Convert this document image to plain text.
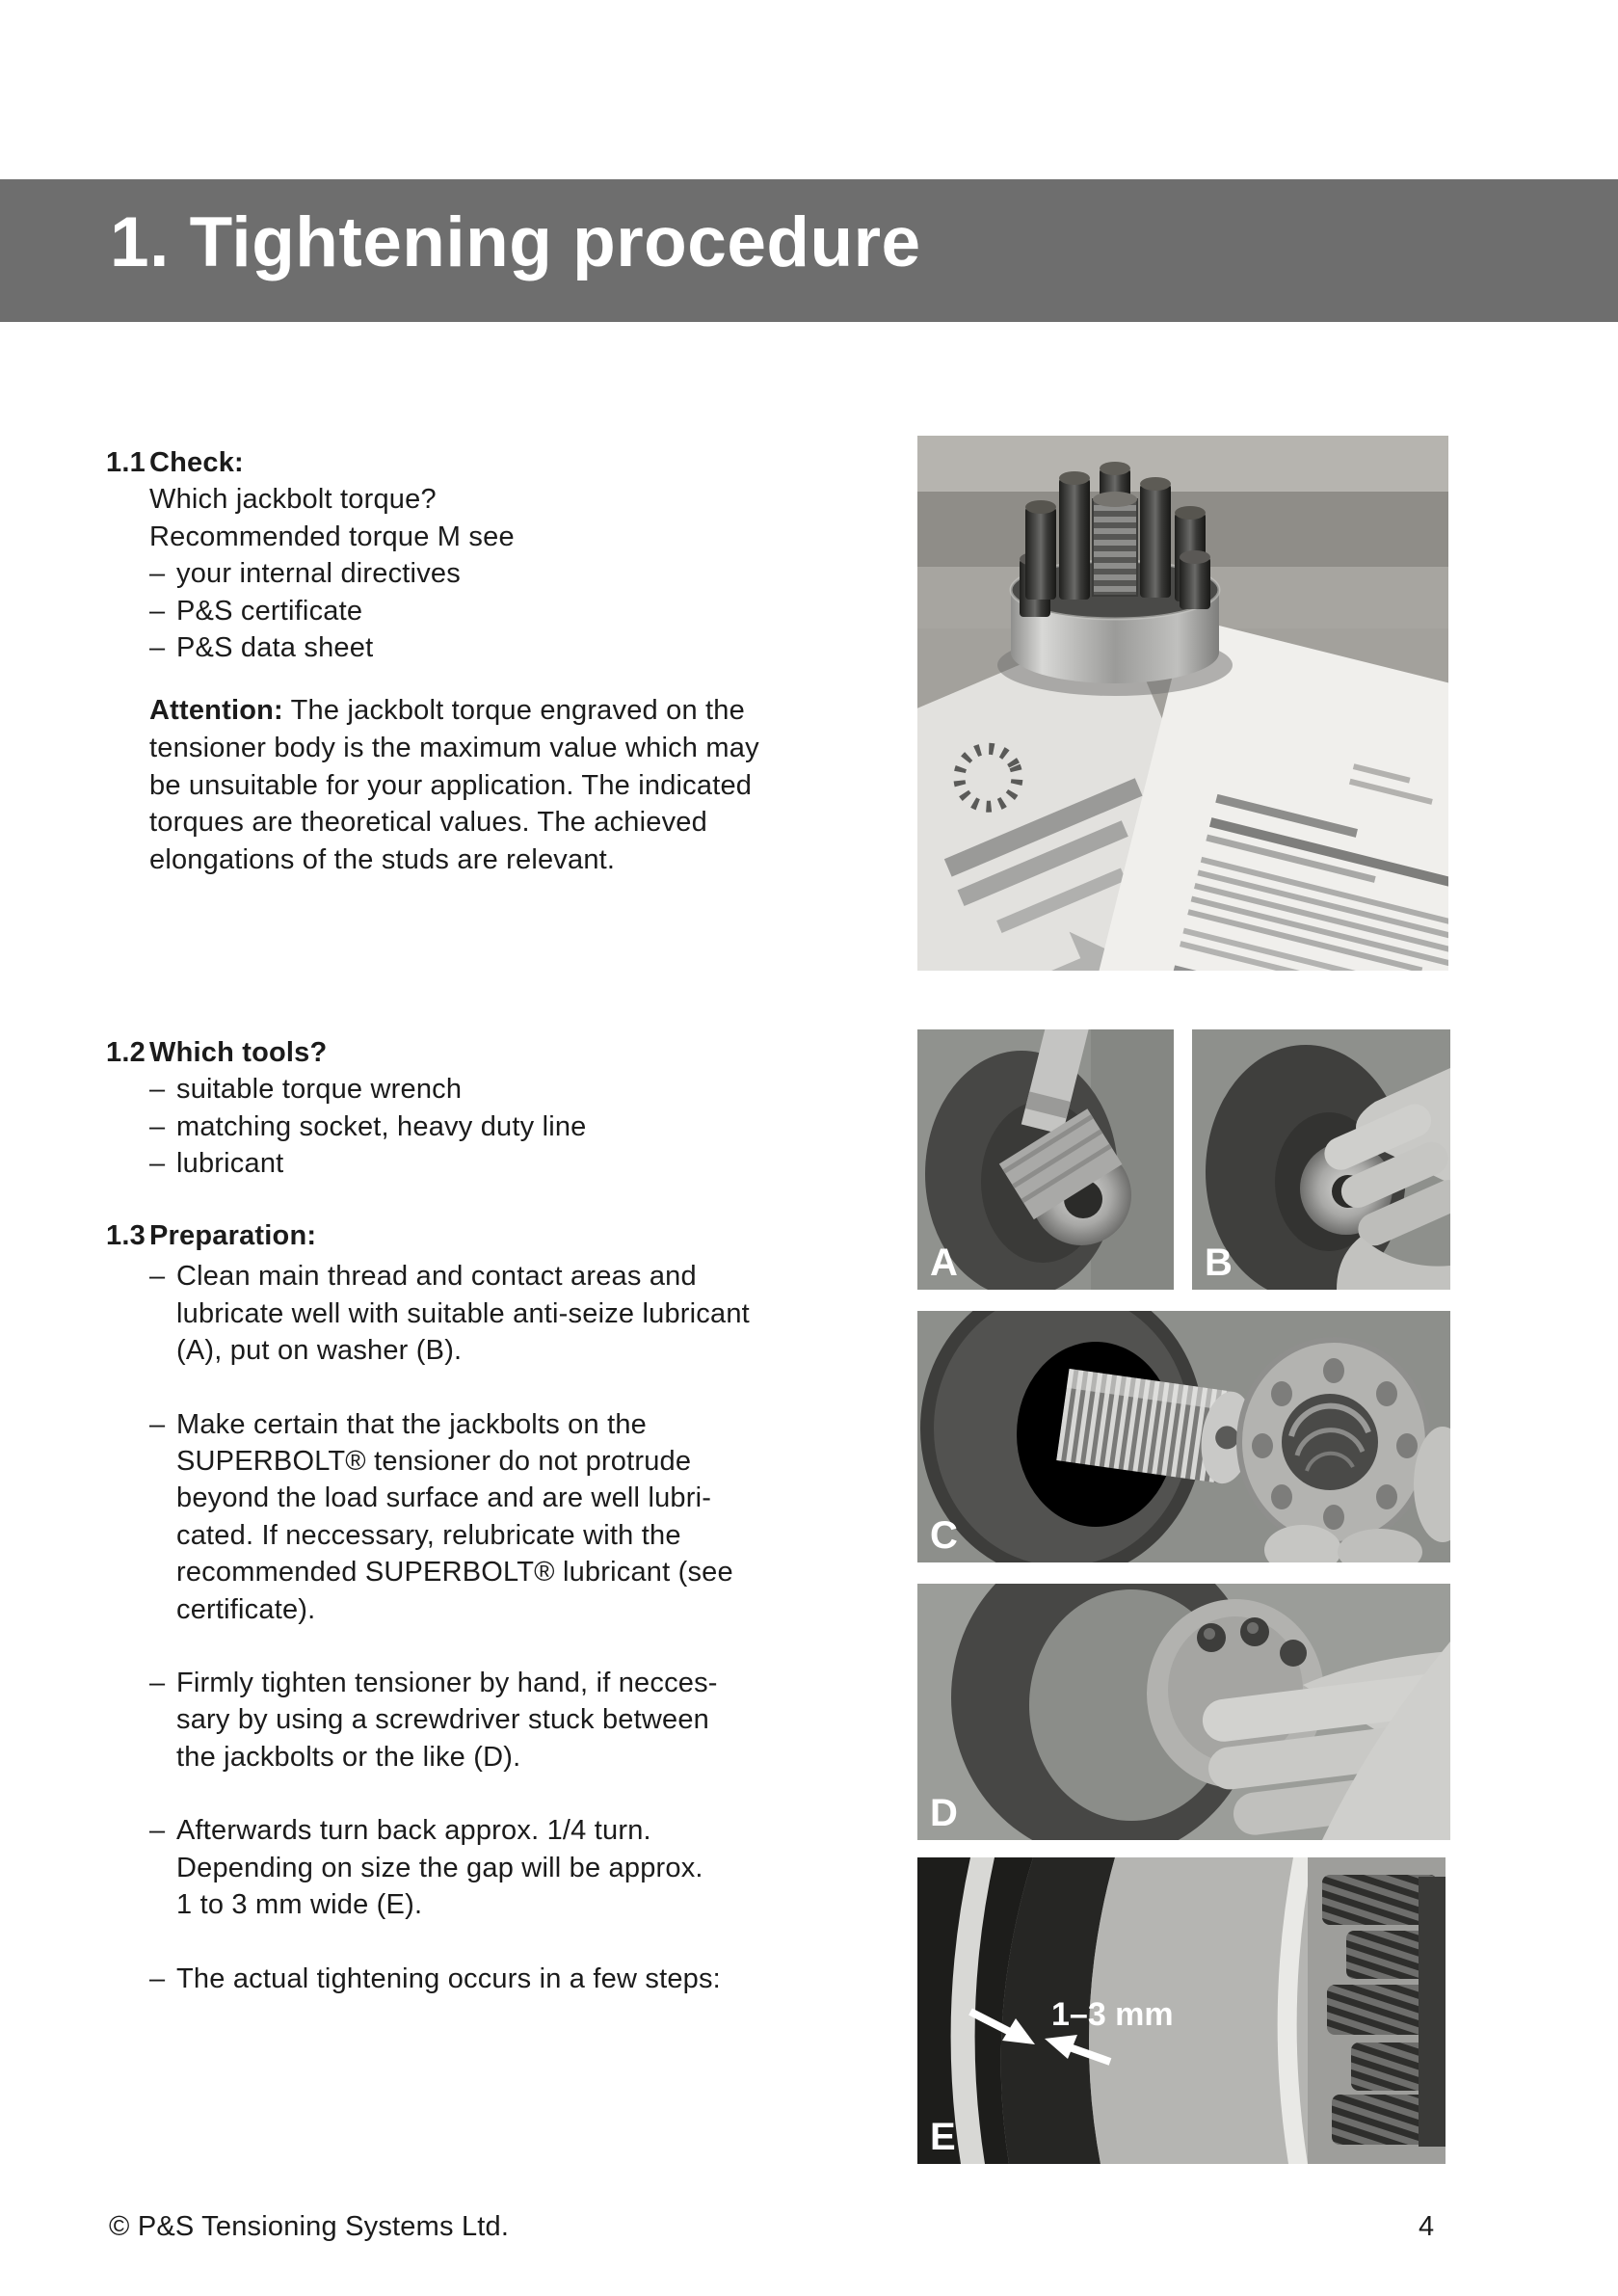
1. Tightening procedure
1.1 Check:
Which jackbolt torque?
Recommended torque M see
– your internal directives
– P&S certificate
– P&S data sheet
Attention: The jackbolt torque engraved on the
tensioner body is the maximum value which may
be unsuitable for your application. The indicated
torques are theoretical values. The achieved
elongations of the studs are relevant.
1.2 Which tools?
– suitable torque wrench
– matching socket, heavy duty line
– lubricant
1.3 Preparation:
– Clean main thread and contact areas and
lubricate well with suitable anti-seize lubricant
(A), put on washer (B).
– Make certain that the jackbolts on the
SUPERBOLT® tensioner do not protrude
beyond the load surface and are well lubri-
cated. If neccessary, relubricate with the
recommended SUPERBOLT® lubricant (see
certificate).
– Firmly tighten tensioner by hand, if necces-
sary by using a screwdriver stuck between
the jackbolts or the like (D).
– Afterwards turn back approx. 1/4 turn.
Depending on size the gap will be approx.
1 to 3 mm wide (E).
– The actual tightening occurs in a few steps:
A	B
C
D
1–3 mm
E
© P&S Tensioning Systems Ltd.	4
